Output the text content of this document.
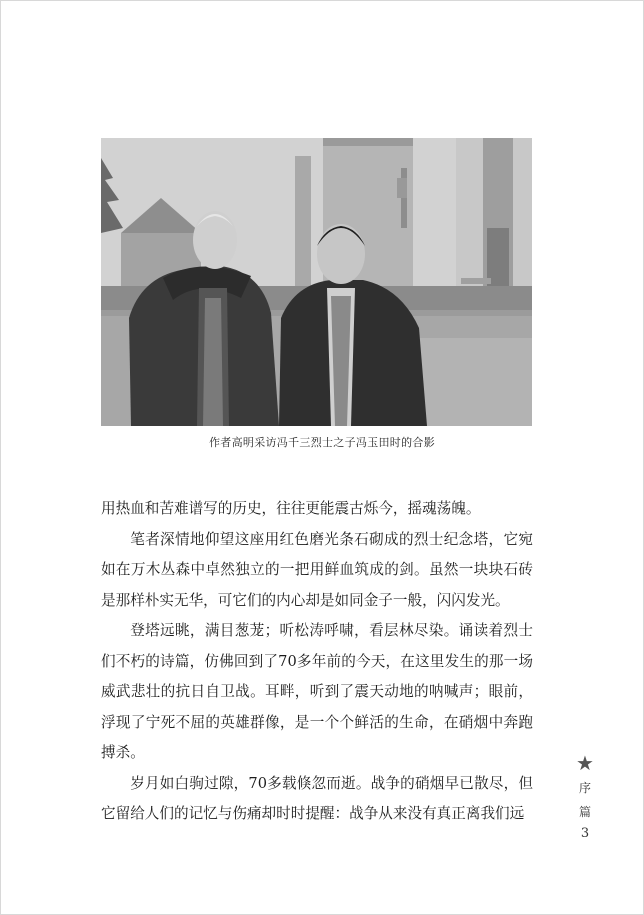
作者高明采访冯千三烈士之子冯玉田时的合影

用热血和苦难谱写的历史，往往更能震古烁今，摇魂荡魄。

笔者深情地仰望这座用红色磨光条石砌成的烈士纪念塔，它宛如在万木丛森中卓然独立的一把用鲜血筑成的剑。虽然一块块石砖是那样朴实无华，可它们的内心却是如同金子一般，闪闪发光。

登塔远眺，满目葱茏；听松涛呼啸，看层林尽染。诵读着烈士们不朽的诗篇，仿佛回到了70多年前的今天，在这里发生的那一场威武悲壮的抗日自卫战。耳畔，听到了震天动地的呐喊声；眼前，浮现了宁死不屈的英雄群像，是一个个鲜活的生命，在硝烟中奔跑搏杀。

岁月如白驹过隙，70多载倏忽而逝。战争的硝烟早已散尽，但它留给人们的记忆与伤痛却时时提醒：战争从来没有真正离我们远

★
序
篇
3
